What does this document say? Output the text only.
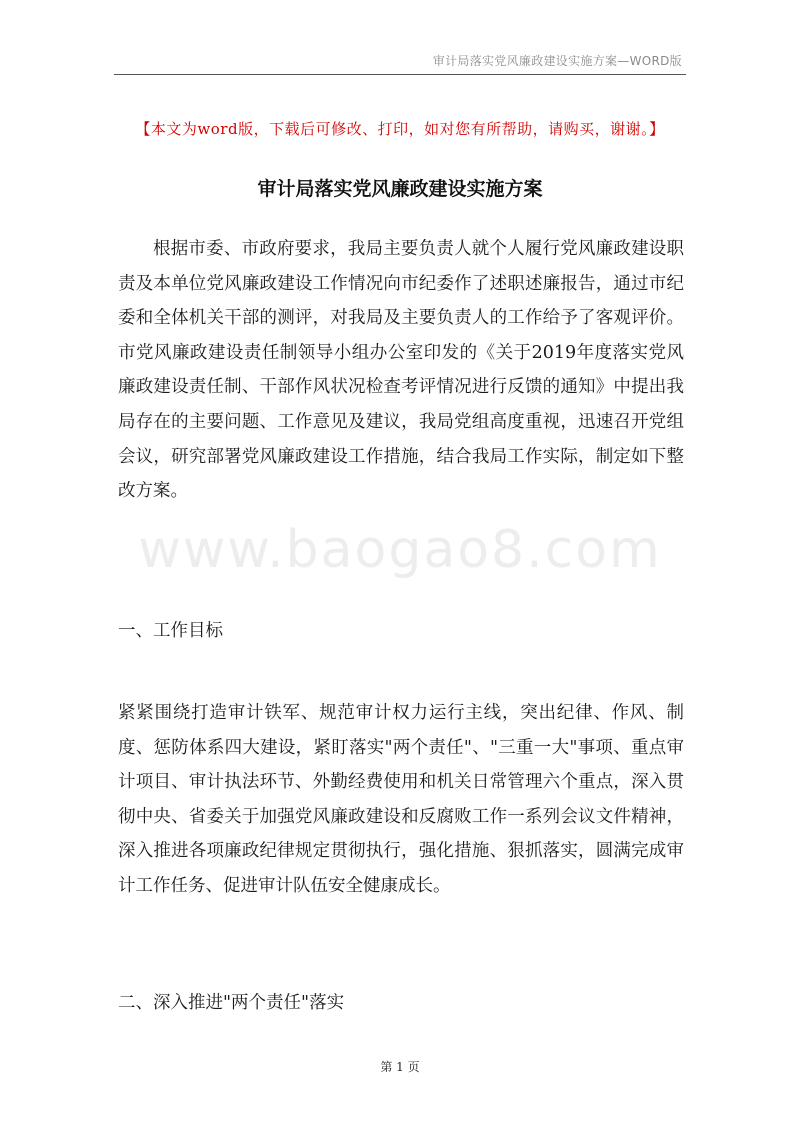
审计局落实党风廉政建设实施方案—WORD版
【本文为word版，下载后可修改、打印，如对您有所帮助，请购买，谢谢。】
审计局落实党风廉政建设实施方案
www.baogao8.com

根据市委、市政府要求，我局主要负责人就个人履行党风廉政建设职责及本单位党风廉政建设工作情况向市纪委作了述职述廉报告，通过市纪委和全体机关干部的测评，对我局及主要负责人的工作给予了客观评价。市党风廉政建设责任制领导小组办公室印发的《关于2019年度落实党风廉政建设责任制、干部作风状况检查考评情况进行反馈的通知》中提出我局存在的主要问题、工作意见及建议，我局党组高度重视，迅速召开党组会议，研究部署党风廉政建设工作措施，结合我局工作实际，制定如下整改方案。

一、工作目标

紧紧围绕打造审计铁军、规范审计权力运行主线，突出纪律、作风、制度、惩防体系四大建设，紧盯落实"两个责任"、"三重一大"事项、重点审计项目、审计执法环节、外勤经费使用和机关日常管理六个重点，深入贯彻中央、省委关于加强党风廉政建设和反腐败工作一系列会议文件精神，深入推进各项廉政纪律规定贯彻执行，强化措施、狠抓落实，圆满完成审计工作任务、促进审计队伍安全健康成长。

二、深入推进"两个责任"落实
第 1 页
